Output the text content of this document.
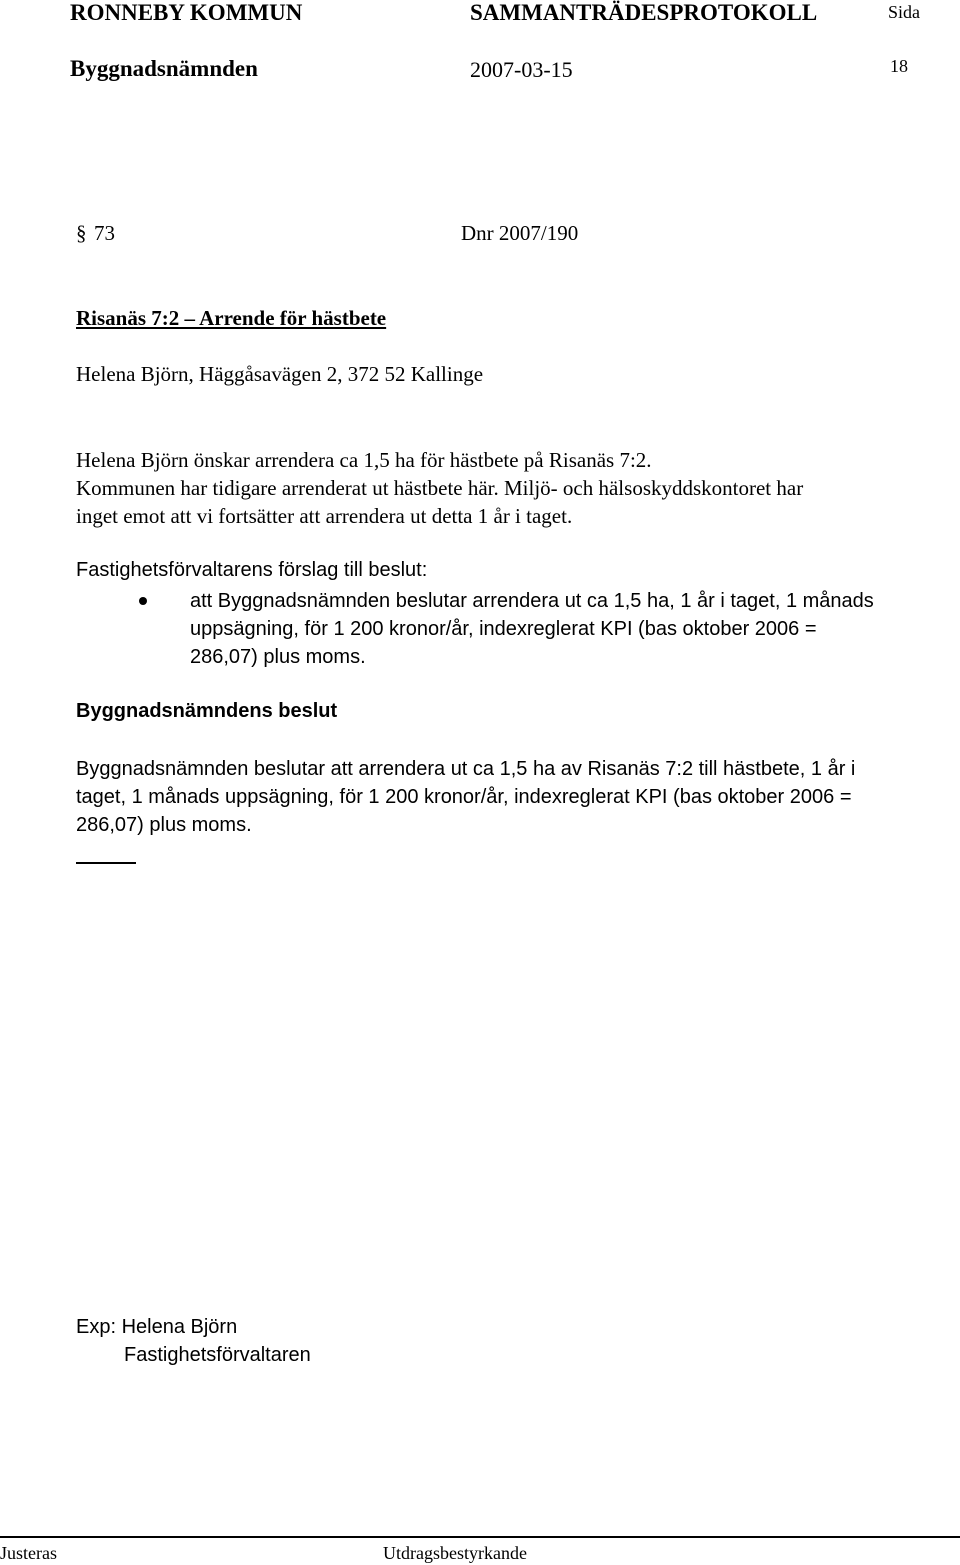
RONNEBY KOMMUN	SAMMANTRÄDESPROTOKOLL	Sida
Byggnadsnämnden	2007-03-15	18
§ 73	Dnr 2007/190
Risanäs 7:2 – Arrende för hästbete
Helena Björn, Häggåsavägen 2, 372 52 Kallinge
Helena Björn önskar arrendera ca 1,5 ha för hästbete på Risanäs 7:2.
Kommunen har tidigare arrenderat ut hästbete här. Miljö- och hälsoskyddskontoret har
inget emot att vi fortsätter att arrendera ut detta 1 år i taget.
Fastighetsförvaltarens förslag till beslut:
att Byggnadsnämnden beslutar arrendera ut ca 1,5 ha, 1 år i taget, 1 månads
uppsägning, för 1 200 kronor/år, indexreglerat KPI (bas oktober 2006 =
286,07) plus moms.
Byggnadsnämndens beslut
Byggnadsnämnden beslutar att arrendera ut ca 1,5 ha av Risanäs 7:2 till hästbete, 1 år i
taget, 1 månads uppsägning, för 1 200 kronor/år, indexreglerat KPI (bas oktober 2006 =
286,07) plus moms.
Exp: Helena Björn
Fastighetsförvaltaren
Justeras	Utdragsbestyrkande
